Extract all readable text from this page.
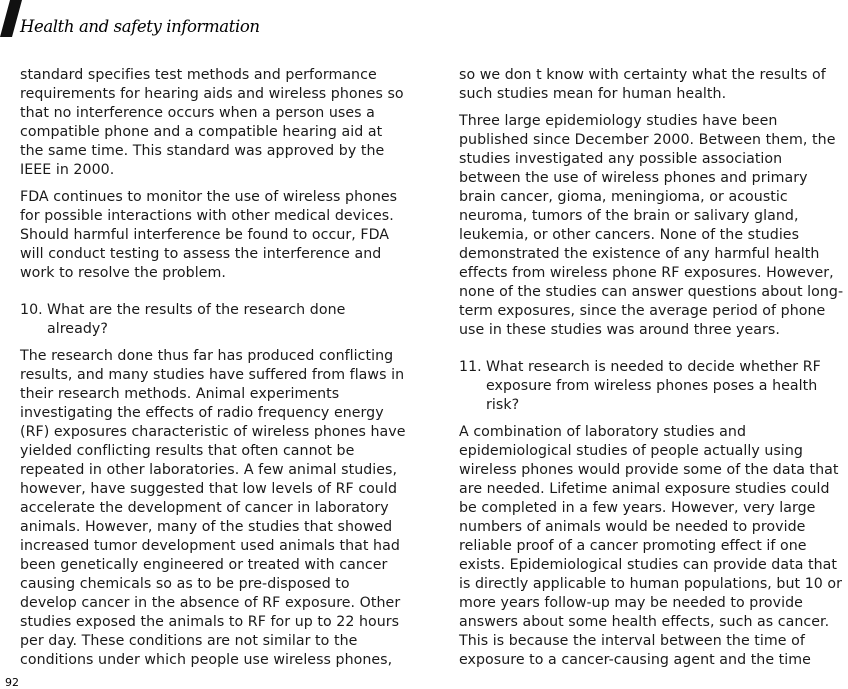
Health and safety information

standard specifies test methods and performance requirements for hearing aids and wireless phones so that no interference occurs when a person uses a compatible phone and a compatible hearing aid at the same time. This standard was approved by the IEEE in 2000.

FDA continues to monitor the use of wireless phones for possible interactions with other medical devices. Should harmful interference be found to occur, FDA will conduct testing to assess the interference and work to resolve the problem.

10. What are the results of the research done already?

The research done thus far has produced conflicting results, and many studies have suffered from flaws in their research methods. Animal experiments investigating the effects of radio frequency energy (RF) exposures characteristic of wireless phones have yielded conflicting results that often cannot be repeated in other laboratories. A few animal studies, however, have suggested that low levels of RF could accelerate the development of cancer in laboratory animals. However, many of the studies that showed increased tumor development used animals that had been genetically engineered or treated with cancer causing chemicals so as to be pre-disposed to develop cancer in the absence of RF exposure. Other studies exposed the animals to RF for up to 22 hours per day. These conditions are not similar to the conditions under which people use wireless phones,

so we don t know with certainty what the results of such studies mean for human health.

Three large epidemiology studies have been published since December 2000. Between them, the studies investigated any possible association between the use of wireless phones and primary brain cancer, gioma, meningioma, or acoustic neuroma, tumors of the brain or salivary gland, leukemia, or other cancers. None of the studies demonstrated the existence of any harmful health effects from wireless phone RF exposures. However, none of the studies can answer questions about long-term exposures, since the average period of phone use in these studies was around three years.

11. What research is needed to decide whether RF exposure from wireless phones poses a health risk?

A combination of laboratory studies and epidemiological studies of people actually using wireless phones would provide some of the data that are needed. Lifetime animal exposure studies could be completed in a few years. However, very large numbers of animals would be needed to provide reliable proof of a cancer promoting effect if one exists. Epidemiological studies can provide data that is directly applicable to human populations, but 10 or more years follow-up may be needed to provide answers about some health effects, such as cancer. This is because the interval between the time of exposure to a cancer-causing agent and the time

92
